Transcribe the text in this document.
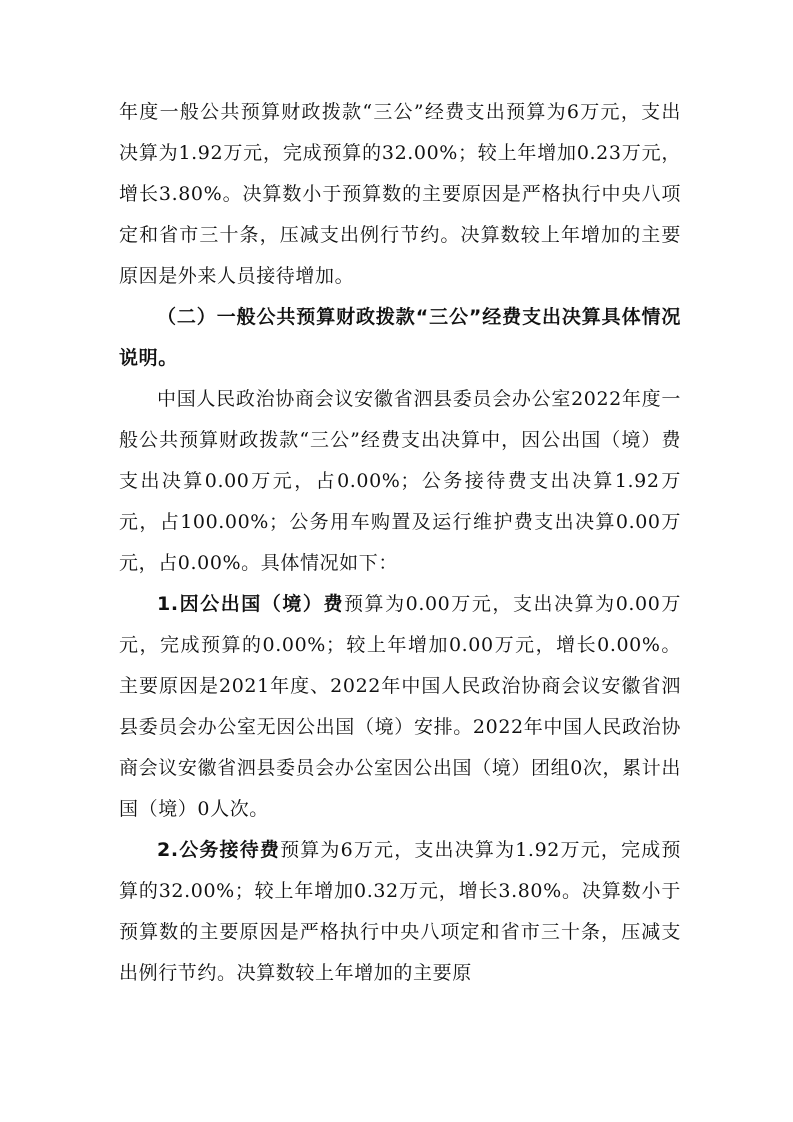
年度一般公共预算财政拨款“三公”经费支出预算为6万元，支出决算为1.92万元，完成预算的32.00%；较上年增加0.23万元，增长3.80%。决算数小于预算数的主要原因是严格执行中央八项定和省市三十条，压减支出例行节约。决算数较上年增加的主要原因是外来人员接待增加。

（二）一般公共预算财政拨款“三公”经费支出决算具体情况说明。

中国人民政治协商会议安徽省泗县委员会办公室2022年度一般公共预算财政拨款“三公”经费支出决算中，因公出国（境）费支出决算0.00万元，占0.00%；公务接待费支出决算1.92万元，占100.00%；公务用车购置及运行维护费支出决算0.00万元，占0.00%。具体情况如下：

1.因公出国（境）费预算为0.00万元，支出决算为0.00万元，完成预算的0.00%；较上年增加0.00万元，增长0.00%。主要原因是2021年度、2022年中国人民政治协商会议安徽省泗县委员会办公室无因公出国（境）安排。2022年中国人民政治协商会议安徽省泗县委员会办公室因公出国（境）团组0次，累计出国（境）0人次。

2.公务接待费预算为6万元，支出决算为1.92万元，完成预算的32.00%；较上年增加0.32万元，增长3.80%。决算数小于预算数的主要原因是严格执行中央八项定和省市三十条，压减支出例行节约。决算数较上年增加的主要原
